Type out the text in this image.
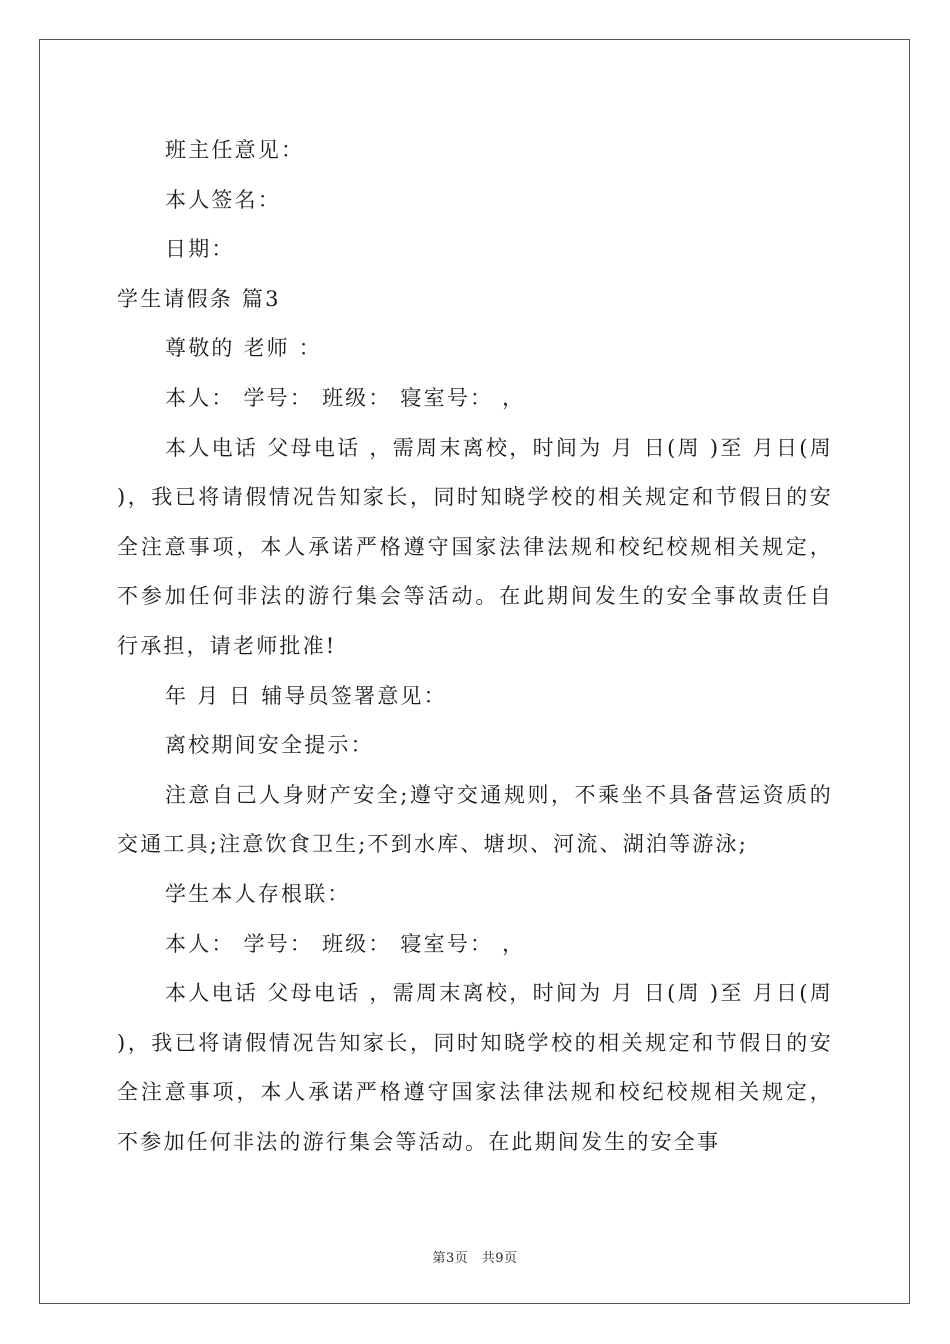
班主任意见：

本人签名：

日期：

学生请假条 篇3

尊敬的 老师 ：

本人： 学号： 班级： 寝室号： ，

本人电话 父母电话 ，需周末离校，时间为 月 日(周 )至 月日(周 )，我已将请假情况告知家长，同时知晓学校的相关规定和节假日的安全注意事项，本人承诺严格遵守国家法律法规和校纪校规相关规定，不参加任何非法的游行集会等活动。在此期间发生的安全事故责任自行承担，请老师批准!

年 月 日 辅导员签署意见：

离校期间安全提示：

注意自己人身财产安全;遵守交通规则，不乘坐不具备营运资质的交通工具;注意饮食卫生;不到水库、塘坝、河流、湖泊等游泳;

学生本人存根联：

本人： 学号： 班级： 寝室号： ，

本人电话 父母电话 ，需周末离校，时间为 月 日(周 )至 月日(周 )，我已将请假情况告知家长，同时知晓学校的相关规定和节假日的安全注意事项，本人承诺严格遵守国家法律法规和校纪校规相关规定，不参加任何非法的游行集会等活动。在此期间发生的安全事

第3页　共9页
